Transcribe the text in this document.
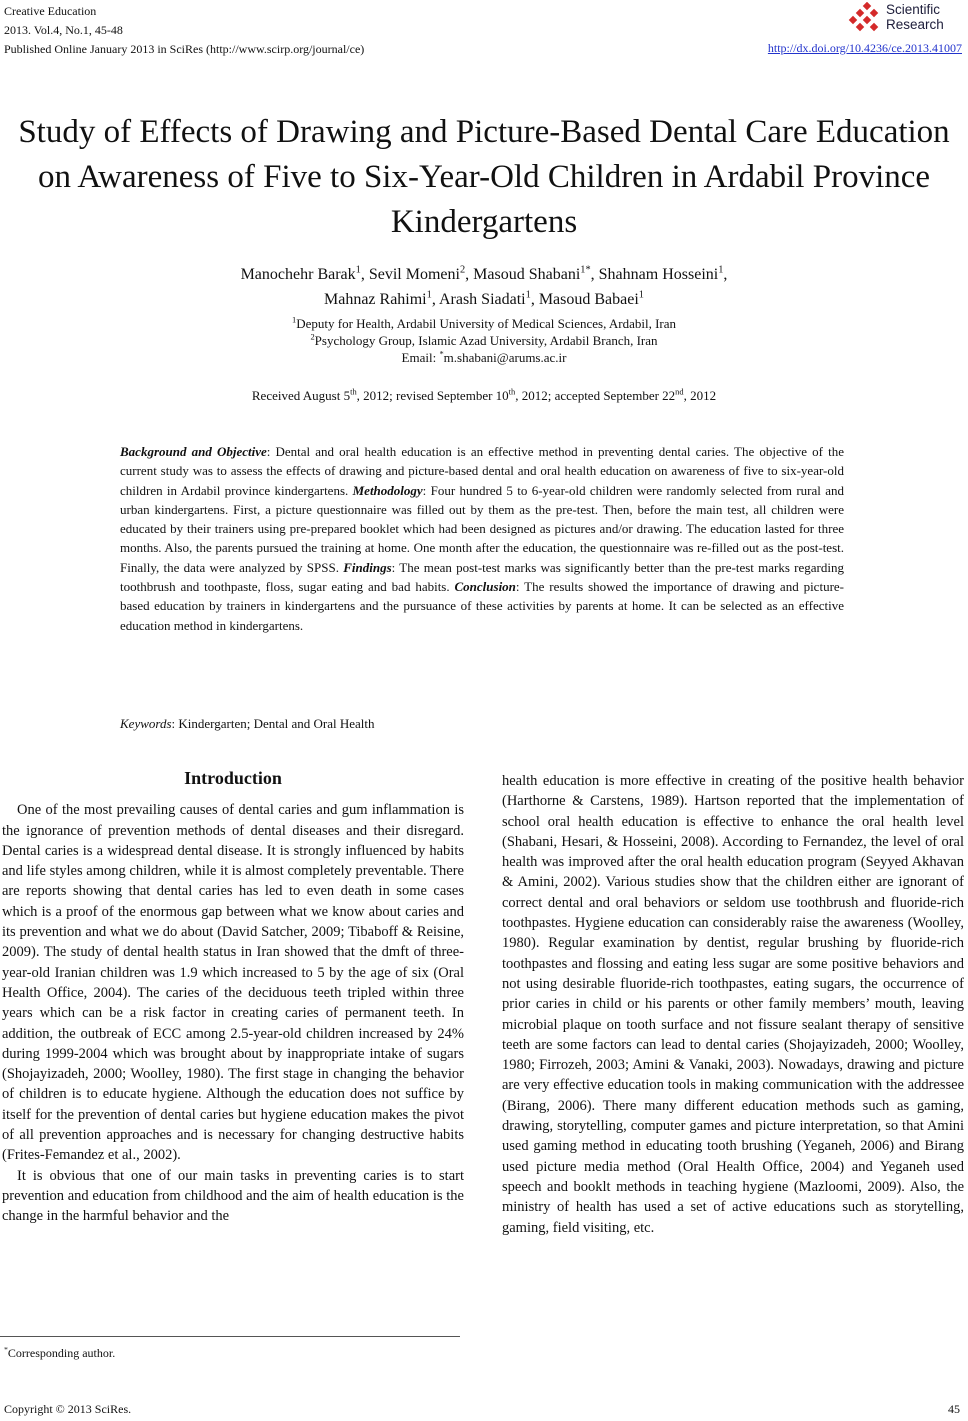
Creative Education
2013. Vol.4, No.1, 45-48
Published Online January 2013 in SciRes (http://www.scirp.org/journal/ce)
Scientific
Research
http://dx.doi.org/10.4236/ce.2013.41007
Study of Effects of Drawing and Picture-Based Dental Care Education on Awareness of Five to Six-Year-Old Children in Ardabil Province Kindergartens
Manochehr Barak$^1$, Sevil Momeni$^2$, Masoud Shabani$^{1*}$, Shahnam Hosseini$^1$,
Mahnaz Rahimi$^1$, Arash Siadati$^1$, Masoud Babaei$^1$
$^1$Deputy for Health, Ardabil University of Medical Sciences, Ardabil, Iran
$^2$Psychology Group, Islamic Azad University, Ardabil Branch, Iran
Email: *m.shabani@arums.ac.ir
Received August 5th, 2012; revised September 10th, 2012; accepted September 22nd, 2012
Background and Objective: Dental and oral health education is an effective method in preventing dental caries. The objective of the current study was to assess the effects of drawing and picture-based dental and oral health education on awareness of five to six-year-old children in Ardabil province kindergartens. Methodology: Four hundred 5 to 6-year-old children were randomly selected from rural and urban kindergartens. First, a picture questionnaire was filled out by them as the pre-test. Then, before the main test, all children were educated by their trainers using pre-prepared booklet which had been designed as pictures and/or drawing. The education lasted for three months. Also, the parents pursued the training at home. One month after the education, the questionnaire was re-filled out as the post-test. Finally, the data were analyzed by SPSS. Findings: The mean post-test marks was significantly better than the pre-test marks regarding toothbrush and toothpaste, floss, sugar eating and bad habits. Conclusion: The results showed the importance of drawing and picture-based education by trainers in kindergartens and the pursuance of these activities by parents at home. It can be selected as an effective education method in kindergartens.
Keywords: Kindergarten; Dental and Oral Health
Introduction

One of the most prevailing causes of dental caries and gum inflammation is the ignorance of prevention methods of dental diseases and their disregard. Dental caries is a widespread dental disease. It is strongly influenced by habits and life styles among children, while it is almost completely preventable. There are reports showing that dental caries has led to even death in some cases which is a proof of the enormous gap between what we know about caries and its prevention and what we do about (David Satcher, 2009; Tibaboff & Reisine, 2009). The study of dental health status in Iran showed that the dmft of three-year-old Iranian children was 1.9 which increased to 5 by the age of six (Oral Health Office, 2004). The caries of the deciduous teeth tripled within three years which can be a risk factor in creating caries of permanent teeth. In addition, the outbreak of ECC among 2.5-year-old children increased by 24% during 1999-2004 which was brought about by inappropriate intake of sugars (Shojayizadeh, 2000; Woolley, 1980). The first stage in changing the behavior of children is to educate hygiene. Although the education does not suffice by itself for the prevention of dental caries but hygiene education makes the pivot of all prevention approaches and is necessary for changing destructive habits (Frites-Femandez et al., 2002).

It is obvious that one of our main tasks in preventing caries is to start prevention and education from childhood and the aim of health education is the change in the harmful behavior and the

health education is more effective in creating of the positive health behavior (Harthorne & Carstens, 1989). Hartson reported that the implementation of school oral health education is effective to enhance the oral health level (Shabani, Hesari, & Hosseini, 2008). According to Fernandez, the level of oral health was improved after the oral health education program (Seyyed Akhavan & Amini, 2002). Various studies show that the children either are ignorant of correct dental and oral behaviors or seldom use toothbrush and fluoride-rich toothpastes. Hygiene education can considerably raise the awareness (Woolley, 1980). Regular examination by dentist, regular brushing by fluoride-rich toothpastes and flossing and eating less sugar are some positive behaviors and not using desirable fluoride-rich toothpastes, eating sugars, the occurrence of prior caries in child or his parents or other family members’ mouth, leaving microbial plaque on tooth surface and not fissure sealant therapy of sensitive teeth are some factors can lead to dental caries (Shojayizadeh, 2000; Woolley, 1980; Firrozeh, 2003; Amini & Vanaki, 2003). Nowadays, drawing and picture are very effective education tools in making communication with the addressee (Birang, 2006). There many different education methods such as gaming, drawing, storytelling, computer games and picture interpretation, so that Amini used gaming method in educating tooth brushing (Yeganeh, 2006) and Birang used picture media method (Oral Health Office, 2004) and Yeganeh used speech and booklt methods in teaching hygiene (Mazloomi, 2009). Also, the ministry of health has used a set of active educations such as storytelling, gaming, field visiting, etc.

*Corresponding author.
Copyright © 2013 SciRes.	45
